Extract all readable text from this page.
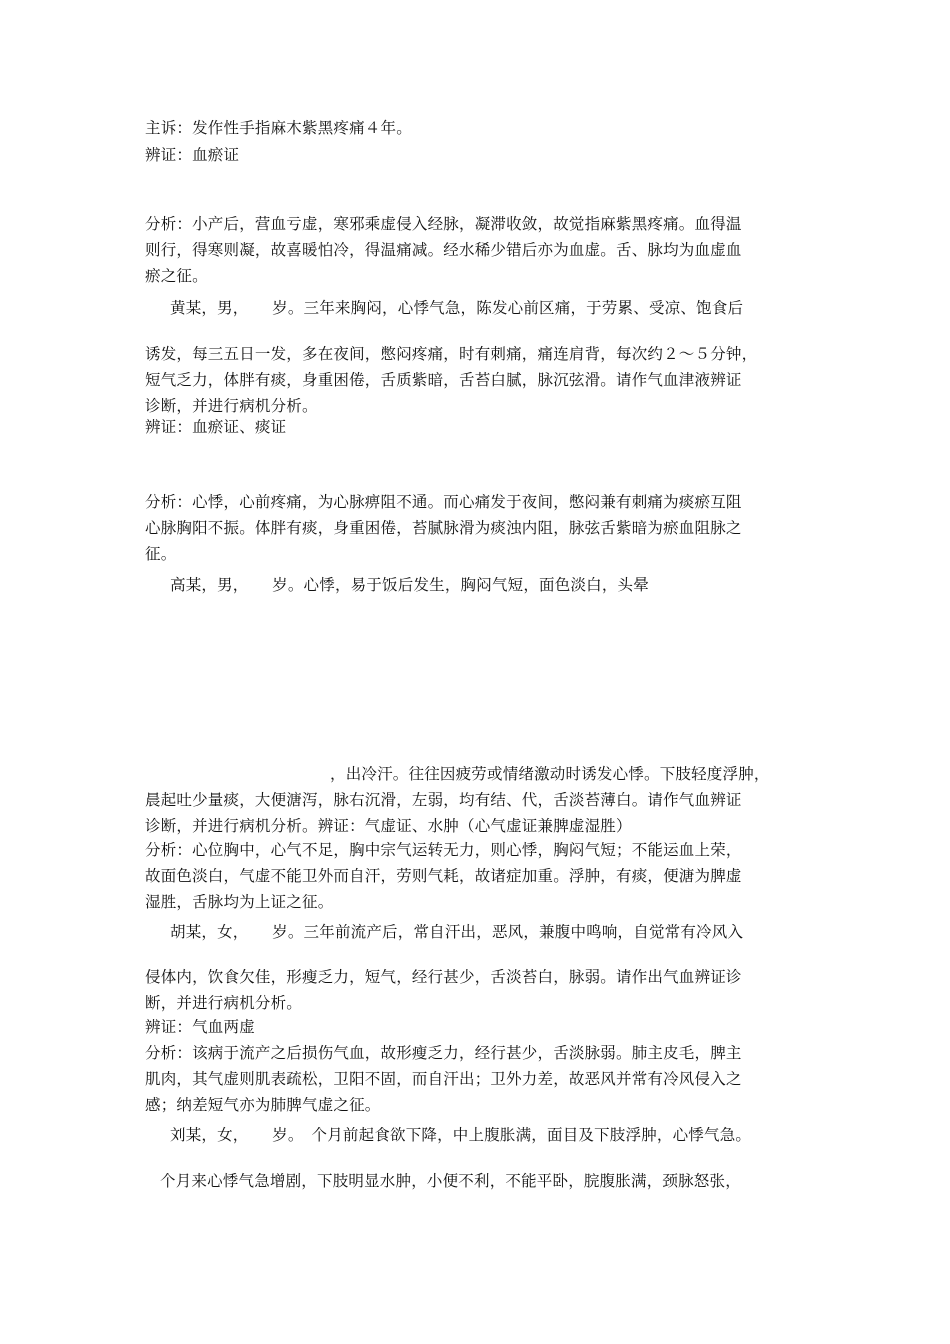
主诉：发作性手指麻木紫黑疼痛４年。
辨证：血瘀证
分析：小产后，营血亏虚，寒邪乘虚侵入经脉，凝滞收敛，故觉指麻紫黑疼痛。血得温
则行，得寒则凝，故喜暖怕冷，得温痛减。经水稀少错后亦为血虚。舌、脉均为血虚血
瘀之征。
黄某，男，　　岁。三年来胸闷，心悸气急，陈发心前区痛，于劳累、受凉、饱食后
诱发，每三五日一发，多在夜间，憋闷疼痛，时有刺痛，痛连肩背，每次约２～５分钟，
短气乏力，体胖有痰，身重困倦，舌质紫暗，舌苔白腻，脉沉弦滑。请作气血津液辨证
诊断，并进行病机分析。
辨证：血瘀证、痰证
分析：心悸，心前疼痛，为心脉痹阻不通。而心痛发于夜间，憋闷兼有刺痛为痰瘀互阻
心脉胸阳不振。体胖有痰，身重困倦，苔腻脉滑为痰浊内阻，脉弦舌紫暗为瘀血阻脉之
征。
高某，男，　　岁。心悸，易于饭后发生，胸闷气短，面色淡白，头晕
，出冷汗。往往因疲劳或情绪激动时诱发心悸。下肢轻度浮肿，
晨起吐少量痰，大便溏泻，脉右沉滑，左弱，均有结、代，舌淡苔薄白。请作气血辨证
诊断，并进行病机分析。辨证：气虚证、水肿（心气虚证兼脾虚湿胜）
分析：心位胸中，心气不足，胸中宗气运转无力，则心悸，胸闷气短；不能运血上荣，
故面色淡白，气虚不能卫外而自汗，劳则气耗，故诸症加重。浮肿，有痰，便溏为脾虚
湿胜，舌脉均为上证之征。
胡某，女，　　岁。三年前流产后，常自汗出，恶风，兼腹中鸣响，自觉常有冷风入
侵体内，饮食欠佳，形瘦乏力，短气，经行甚少，舌淡苔白，脉弱。请作出气血辨证诊
断，并进行病机分析。
辨证：气血两虚
分析：该病于流产之后损伤气血，故形瘦乏力，经行甚少，舌淡脉弱。肺主皮毛，脾主
肌肉，其气虚则肌表疏松，卫阳不固，而自汗出；卫外力差，故恶风并常有冷风侵入之
感；纳差短气亦为肺脾气虚之征。
刘某，女，　　岁。　个月前起食欲下降，中上腹胀满，面目及下肢浮肿，心悸气急。
个月来心悸气急增剧，下肢明显水肿，小便不利，不能平卧，脘腹胀满，颈脉怒张，
